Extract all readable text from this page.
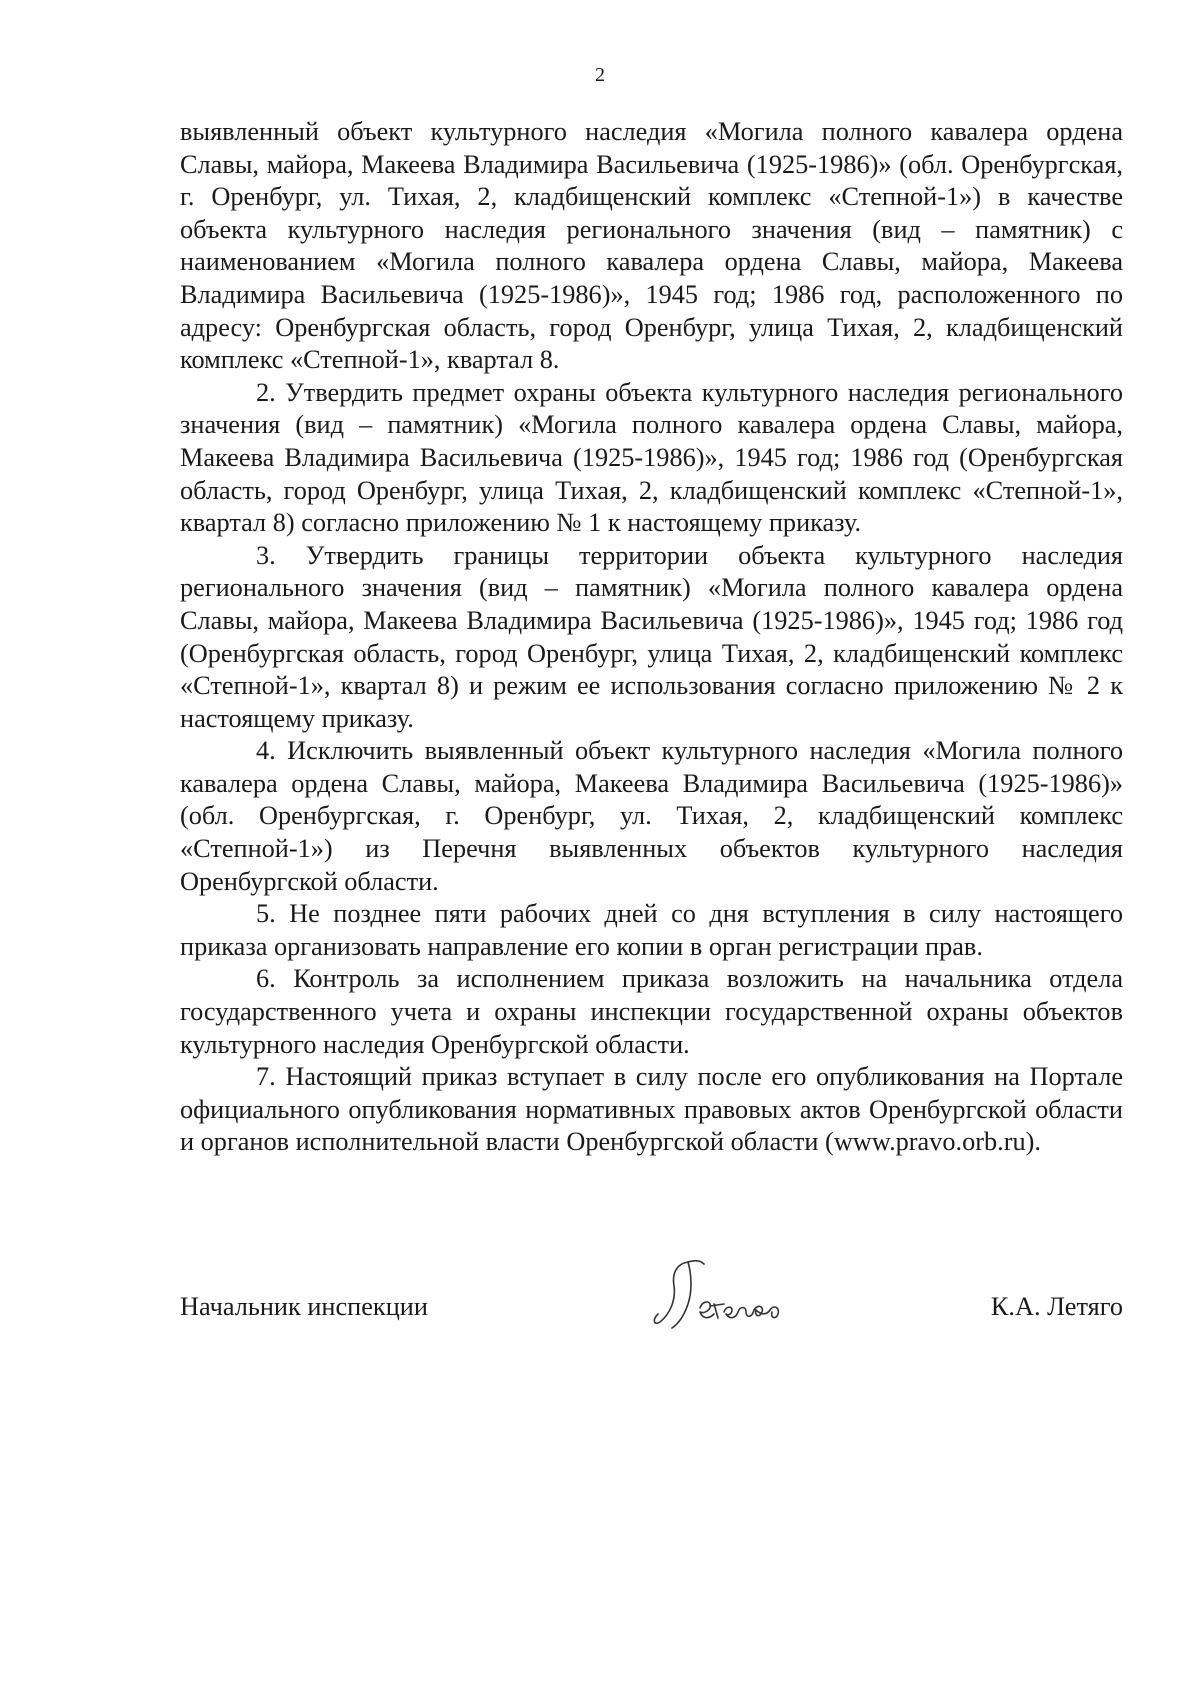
2

выявленный объект культурного наследия «Могила полного кавалера ордена Славы, майора, Макеева Владимира Васильевича (1925-1986)» (обл. Оренбургская, г. Оренбург, ул. Тихая, 2, кладбищенский комплекс «Степной-1») в качестве объекта культурного наследия регионального значения (вид – памятник) с наименованием «Могила полного кавалера ордена Славы, майора, Макеева Владимира Васильевича (1925-1986)», 1945 год; 1986 год, расположенного по адресу: Оренбургская область, город Оренбург, улица Тихая, 2, кладбищенский комплекс «Степной-1», квартал 8.

2. Утвердить предмет охраны объекта культурного наследия регионального значения (вид – памятник) «Могила полного кавалера ордена Славы, майора, Макеева Владимира Васильевича (1925-1986)», 1945 год; 1986 год (Оренбургская область, город Оренбург, улица Тихая, 2, кладбищенский комплекс «Степной-1», квартал 8) согласно приложению № 1 к настоящему приказу.

3. Утвердить границы территории объекта культурного наследия регионального значения (вид – памятник) «Могила полного кавалера ордена Славы, майора, Макеева Владимира Васильевича (1925-1986)», 1945 год; 1986 год (Оренбургская область, город Оренбург, улица Тихая, 2, кладбищенский комплекс «Степной-1», квартал 8) и режим ее использования согласно приложению № 2 к настоящему приказу.

4. Исключить выявленный объект культурного наследия «Могила полного кавалера ордена Славы, майора, Макеева Владимира Васильевича (1925-1986)» (обл. Оренбургская, г. Оренбург, ул. Тихая, 2, кладбищенский комплекс «Степной-1») из Перечня выявленных объектов культурного наследия Оренбургской области.

5. Не позднее пяти рабочих дней со дня вступления в силу настоящего приказа организовать направление его копии в орган регистрации прав.

6. Контроль за исполнением приказа возложить на начальника отдела государственного учета и охраны инспекции государственной охраны объектов культурного наследия Оренбургской области.

7. Настоящий приказ вступает в силу после его опубликования на Портале официального опубликования нормативных правовых актов Оренбургской области и органов исполнительной власти Оренбургской области (www.pravo.orb.ru).

Начальник инспекции	К.А. Летяго
